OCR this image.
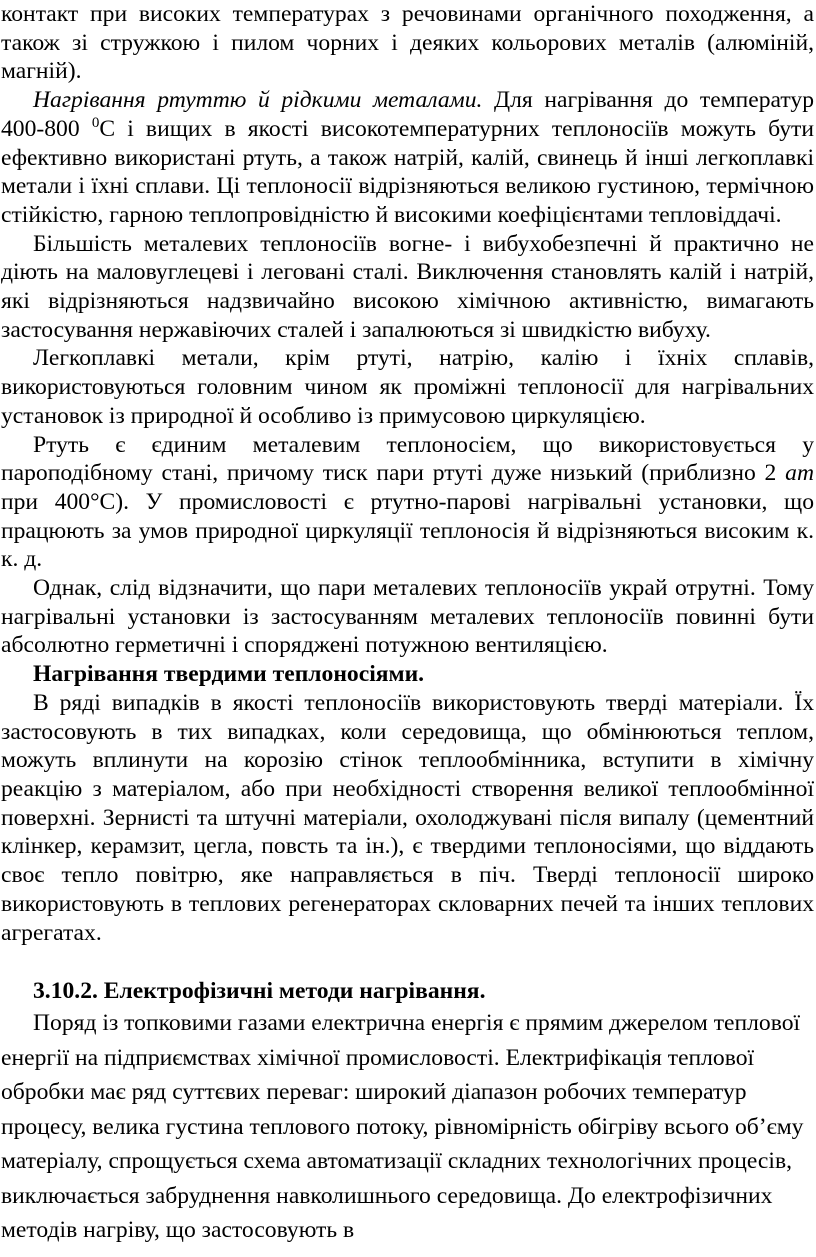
контакт при високих температурах з речовинами органічного походження, а також зі стружкою і пилом чорних і деяких кольорових металів (алюміній, магній).

Нагрівання ртуттю й рідкими металами. Для нагрівання до температур 400-800 $^0$С і вищих в якості високотемпературних теплоносіїв можуть бути ефективно використані ртуть, а також натрій, калій, свинець й інші легкоплавкі метали і їхні сплави. Ці теплоносії відрізняються великою густиною, термічною стійкістю, гарною теплопровідністю й високими коефіцієнтами тепловіддачі.

Більшість металевих теплоносіїв вогне- і вибухобезпечні й практично не діють на маловуглецеві і леговані сталі. Виключення становлять калій і натрій, які відрізняються надзвичайно високою хімічною активністю, вимагають застосування нержавіючих сталей і запалюються зі швидкістю вибуху.

Легкоплавкі метали, крім ртуті, натрію, калію і їхніх сплавів, використовуються головним чином як проміжні теплоносії для нагрівальних установок із природної й особливо із примусовою циркуляцією.

Ртуть є єдиним металевим теплоносієм, що використовується у пароподібному стані, причому тиск пари ртуті дуже низький (приблизно 2 ат при 400°С). У промисловості є ртутно-парові нагрівальні установки, що працюють за умов природної циркуляції теплоносія й відрізняються високим к. к. д.

Однак, слід відзначити, що пари металевих теплоносіїв украй отрутні. Тому нагрівальні установки із застосуванням металевих теплоносіїв повинні бути абсолютно герметичні і споряджені потужною вентиляцією.

Нагрівання твердими теплоносіями.

В ряді випадків в якості теплоносіїв використовують тверді матеріали. Їх застосовують в тих випадках, коли середовища, що обмінюються теплом, можуть вплинути на корозію стінок теплообмінника, вступити в хімічну реакцію з матеріалом, або при необхідності створення великої теплообмінної поверхні. Зернисті та штучні матеріали, охолоджувані після випалу (цементний клінкер, керамзит, цегла, повсть та ін.), є твердими теплоносіями, що віддають своє тепло повітрю, яке направляється в піч. Тверді теплоносії широко використовують в теплових регенераторах скловарних печей та інших теплових агрегатах.

3.10.2. Електрофізичні методи нагрівання.

Поряд із топковими газами електрична енергія є прямим джерелом теплової енергії на підприємствах хімічної промисловості. Електрифікація теплової обробки має ряд суттєвих переваг: широкий діапазон робочих температур процесу, велика густина теплового потоку, рівномірність обігріву всього об’єму матеріалу, спрощується схема автоматизації складних технологічних процесів, виключається забруднення навколишнього середовища. До електрофізичних методів нагріву, що застосовують в
